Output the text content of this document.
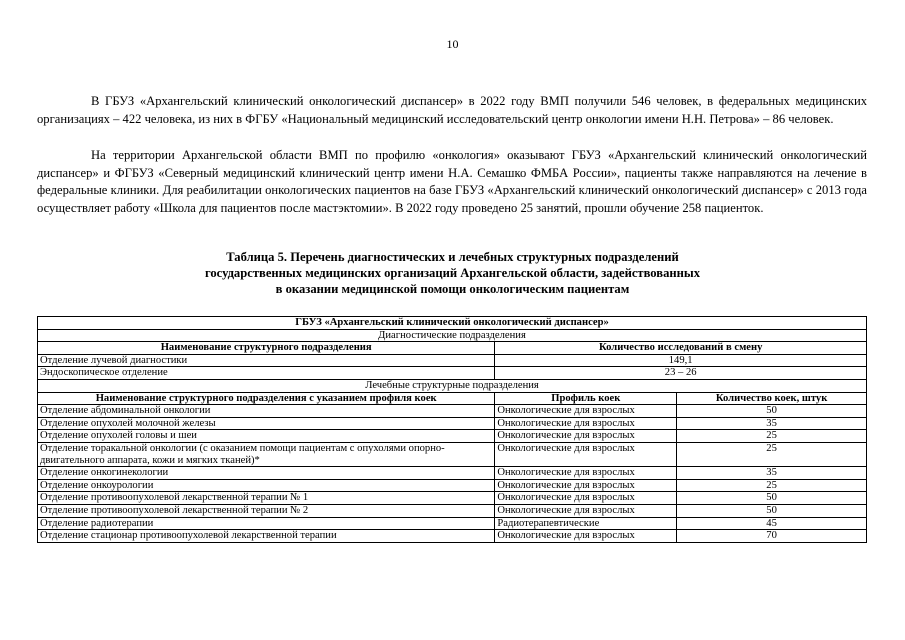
10

В ГБУЗ «Архангельский клинический онкологический диспансер» в 2022 году ВМП получили 546 человек, в федеральных медицинских организациях – 422 человека, из них в ФГБУ «Национальный медицинский исследовательский центр онкологии имени Н.Н. Петрова» – 86 человек.

На территории Архангельской области ВМП по профилю «онкология» оказывают ГБУЗ «Архангельский клинический онкологический диспансер» и ФГБУЗ «Северный медицинский клинический центр имени Н.А. Семашко ФМБА России», пациенты также направляются на лечение в федеральные клиники. Для реабилитации онкологических пациентов на базе ГБУЗ «Архангельский клинический онкологический диспансер» с 2013 года осуществляет работу «Школа для пациентов после мастэктомии». В 2022 году проведено 25 занятий, прошли обучение 258 пациенток.

Таблица 5. Перечень диагностических и лечебных структурных подразделений
государственных медицинских организаций Архангельской области, задействованных
в оказании медицинской помощи онкологическим пациентам
ГБУЗ «Архангельский клинический онкологический диспансер»		
Диагностические подразделения		
Наименование структурного подразделения	Количество исследований в смену	
Отделение лучевой диагностики	149,1	
Эндоскопическое отделение	23 – 26	
Лечебные структурные подразделения		
Наименование структурного подразделения с указанием профиля коек	Профиль коек	Количество коек, штук
Отделение абдоминальной онкологии	Онкологические для взрослых	50
Отделение опухолей молочной железы	Онкологические для взрослых	35
Отделение опухолей головы и шеи	Онкологические для взрослых	25
Отделение торакальной онкологии (с оказанием помощи пациентам с опухолями опорно-двигательного аппарата, кожи и мягких тканей)*	Онкологические для взрослых	25
Отделение онкогинекологии	Онкологические для взрослых	35
Отделение онкоурологии	Онкологические для взрослых	25
Отделение противоопухолевой лекарственной терапии № 1	Онкологические для взрослых	50
Отделение противоопухолевой лекарственной терапии № 2	Онкологические для взрослых	50
Отделение радиотерапии	Радиотерапевтические	45
Отделение стационар противоопухолевой лекарственной терапии	Онкологические для взрослых	70
